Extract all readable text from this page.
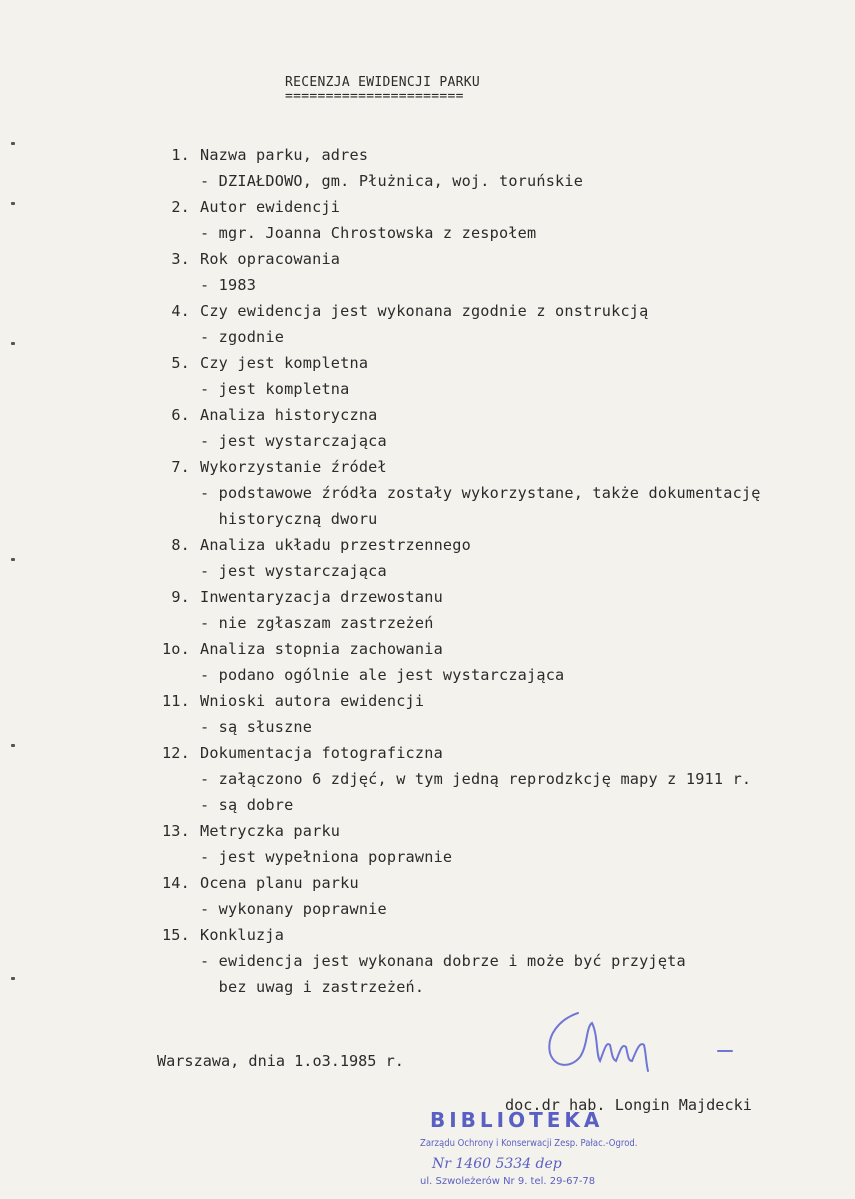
RECENZJA EWIDENCJI PARKU
======================
1. Nazwa parku, adres
- DZIAŁDOWO, gm. Płużnica, woj. toruńskie
2. Autor ewidencji
- mgr. Joanna Chrostowska z zespołem
3. Rok opracowania
- 1983
4. Czy ewidencja jest wykonana zgodnie z onstrukcją
- zgodnie
5. Czy jest kompletna
- jest kompletna
6. Analiza historyczna
- jest wystarczająca
7. Wykorzystanie źródeł
- podstawowe źródła zostały wykorzystane, także dokumentację
historyczną dworu
8. Analiza układu przestrzennego
- jest wystarczająca
9. Inwentaryzacja drzewostanu
- nie zgłaszam zastrzeżeń
1o. Analiza stopnia zachowania
- podano ogólnie ale jest wystarczająca
11. Wnioski autora ewidencji
- są słuszne
12. Dokumentacja fotograficzna
- załączono 6 zdjęć, w tym jedną reprodzkcję mapy z 1911 r.
- są dobre
13. Metryczka parku
- jest wypełniona poprawnie
14. Ocena planu parku
- wykonany poprawnie
15. Konkluzja
- ewidencja jest wykonana dobrze i może być przyjęta
bez uwag i zastrzeżeń.
Warszawa, dnia 1.o3.1985 r.
doc.dr hab. Longin Majdecki
BIBLIOTEKA
Zarządu Ochrony i Konserwacji Zesp. Pałac.-Ogrod.
Nr 1460 5334 dep
ul. Szwoleżerów Nr 9. tel. 29-67-78
